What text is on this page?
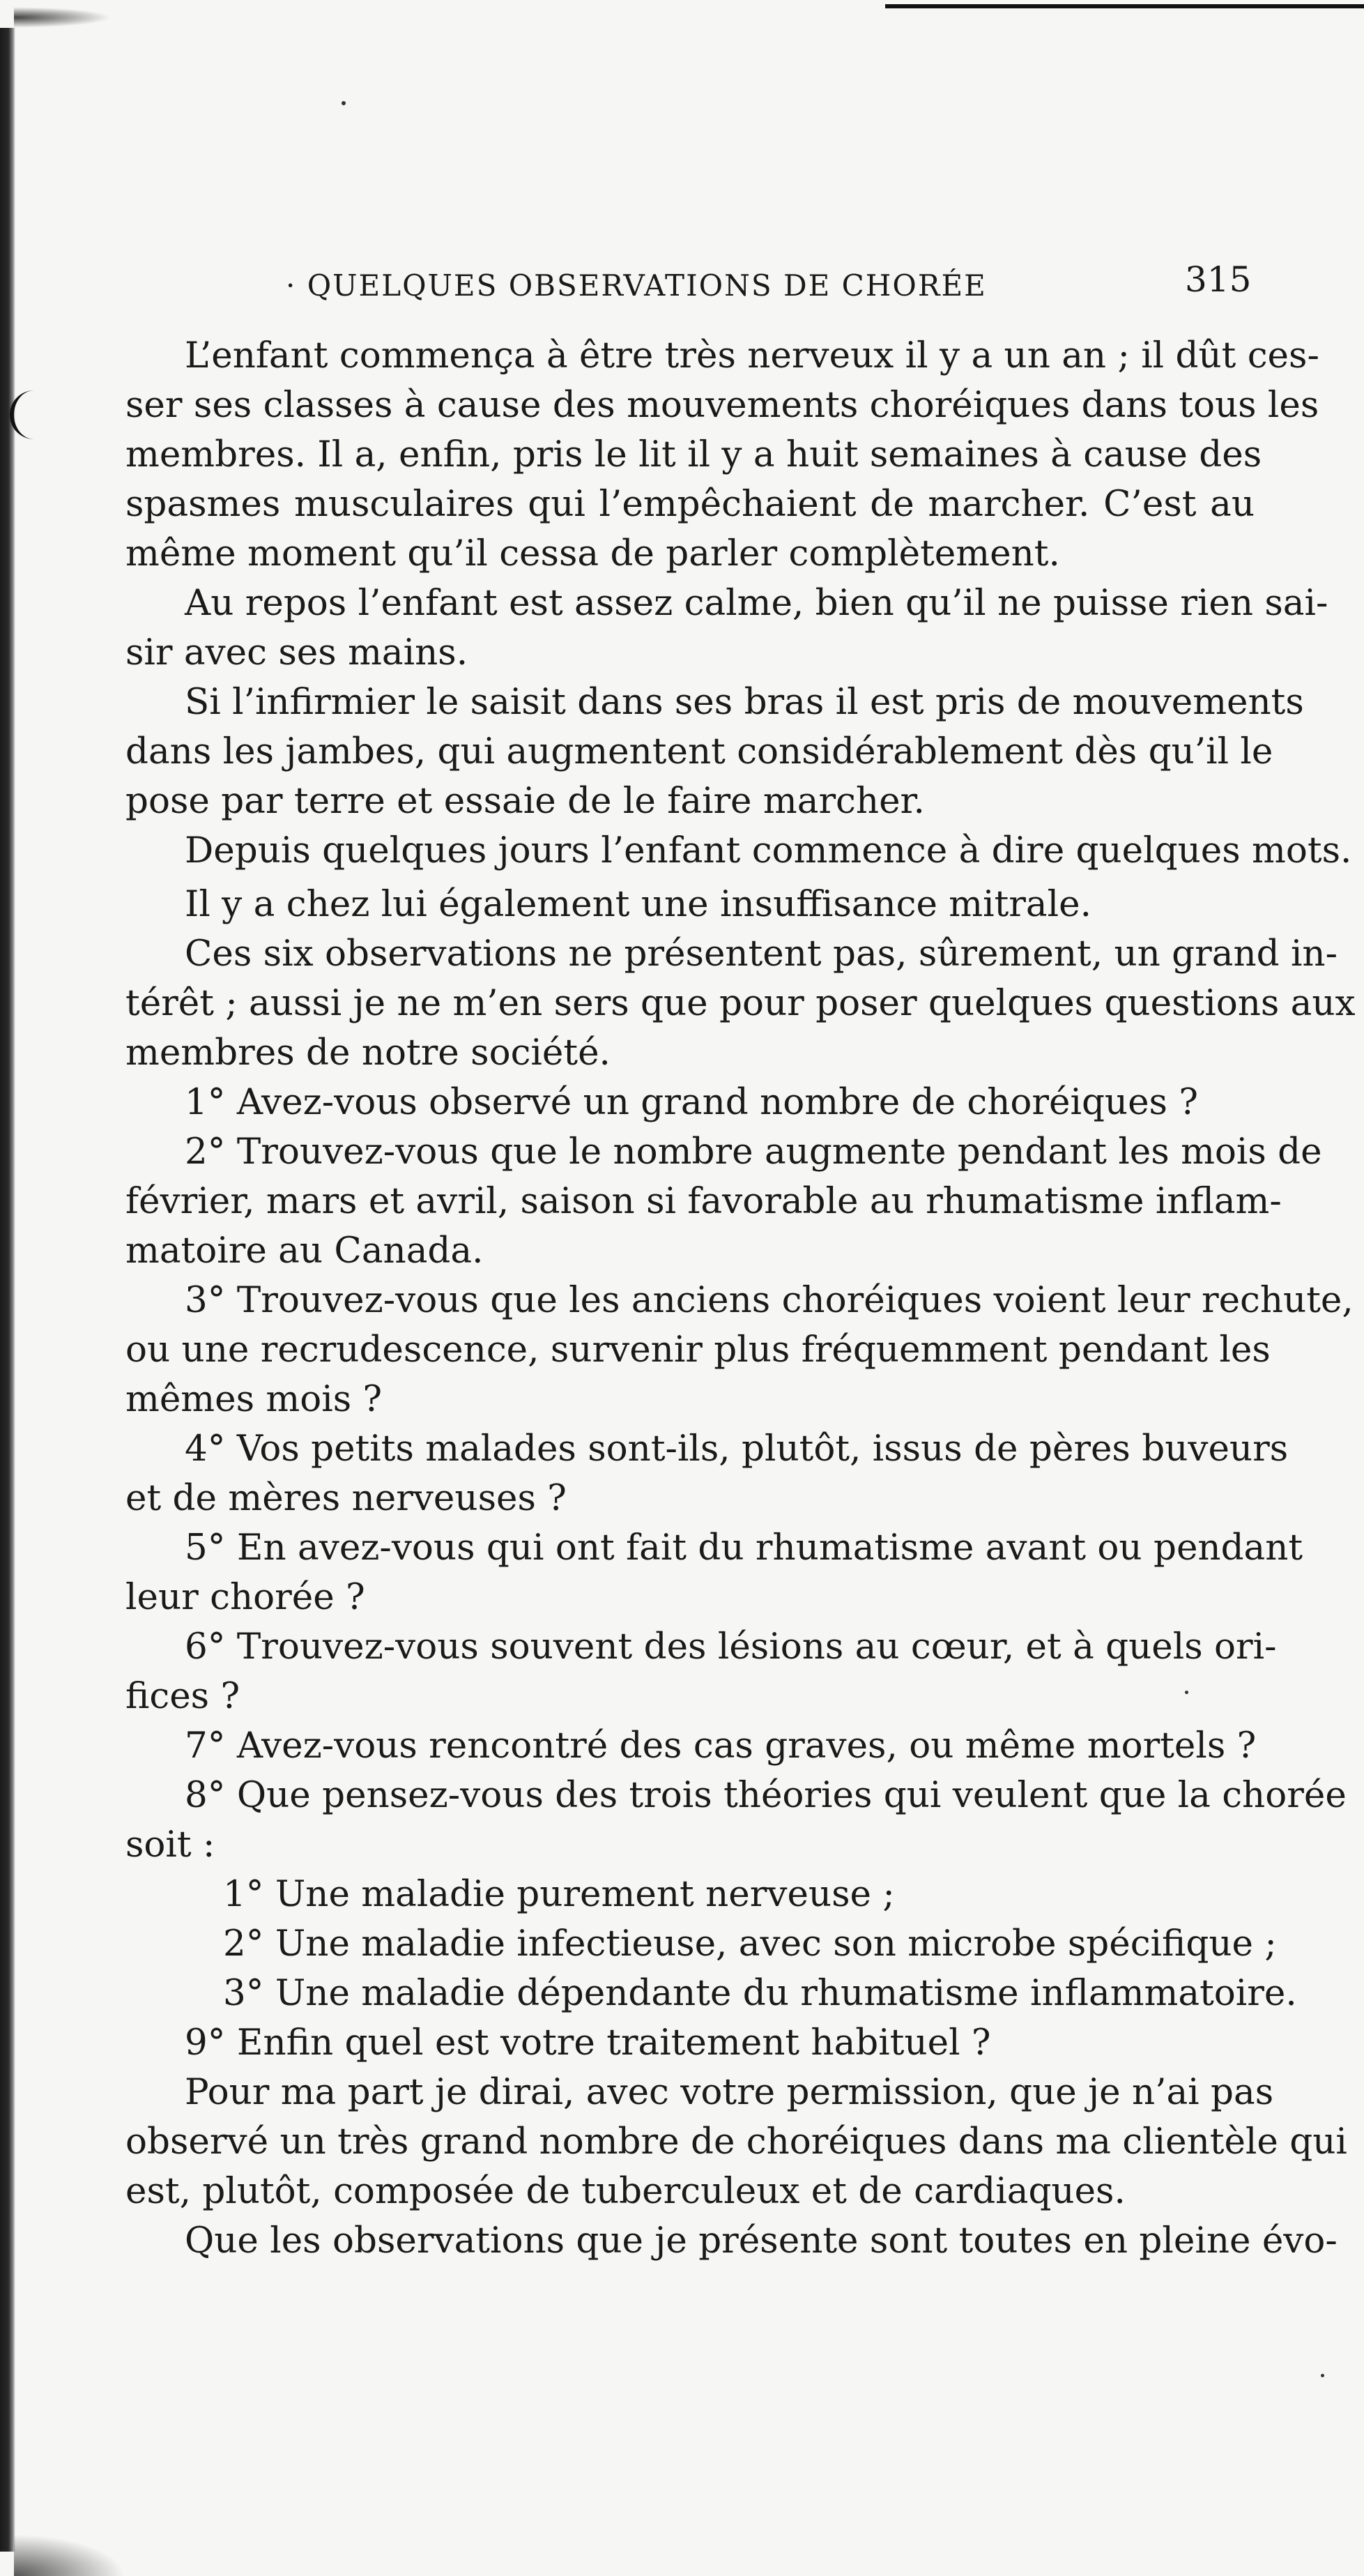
· QUELQUES OBSERVATIONS DE CHORÉE	315
L’enfant commença à être très nerveux il y a un an ; il dût ces-
ser ses classes à cause des mouvements choréiques dans tous les
membres. Il a, enfin, pris le lit il y a huit semaines à cause des
spasmes musculaires qui l’empêchaient de marcher. C’est au
même moment qu’il cessa de parler complètement.
Au repos l’enfant est assez calme, bien qu’il ne puisse rien sai-
sir avec ses mains.
Si l’infirmier le saisit dans ses bras il est pris de mouvements
dans les jambes, qui augmentent considérablement dès qu’il le
pose par terre et essaie de le faire marcher.
Depuis quelques jours l’enfant commence à dire quelques mots.
Il y a chez lui également une insuffisance mitrale.
Ces six observations ne présentent pas, sûrement, un grand in-
térêt ; aussi je ne m’en sers que pour poser quelques questions aux
membres de notre société.
1° Avez-vous observé un grand nombre de choréiques ?
2° Trouvez-vous que le nombre augmente pendant les mois de
février, mars et avril, saison si favorable au rhumatisme inflam-
matoire au Canada.
3° Trouvez-vous que les anciens choréiques voient leur rechute,
ou une recrudescence, survenir plus fréquemment pendant les
mêmes mois ?
4° Vos petits malades sont-ils, plutôt, issus de pères buveurs
et de mères nerveuses ?
5° En avez-vous qui ont fait du rhumatisme avant ou pendant
leur chorée ?
6° Trouvez-vous souvent des lésions au cœur, et à quels ori-
fices ?
7° Avez-vous rencontré des cas graves, ou même mortels ?
8° Que pensez-vous des trois théories qui veulent que la chorée
soit :
1° Une maladie purement nerveuse ;
2° Une maladie infectieuse, avec son microbe spécifique ;
3° Une maladie dépendante du rhumatisme inflammatoire.
9° Enfin quel est votre traitement habituel ?
Pour ma part je dirai, avec votre permission, que je n’ai pas
observé un très grand nombre de choréiques dans ma clientèle qui
est, plutôt, composée de tuberculeux et de cardiaques.
Que les observations que je présente sont toutes en pleine évo-
